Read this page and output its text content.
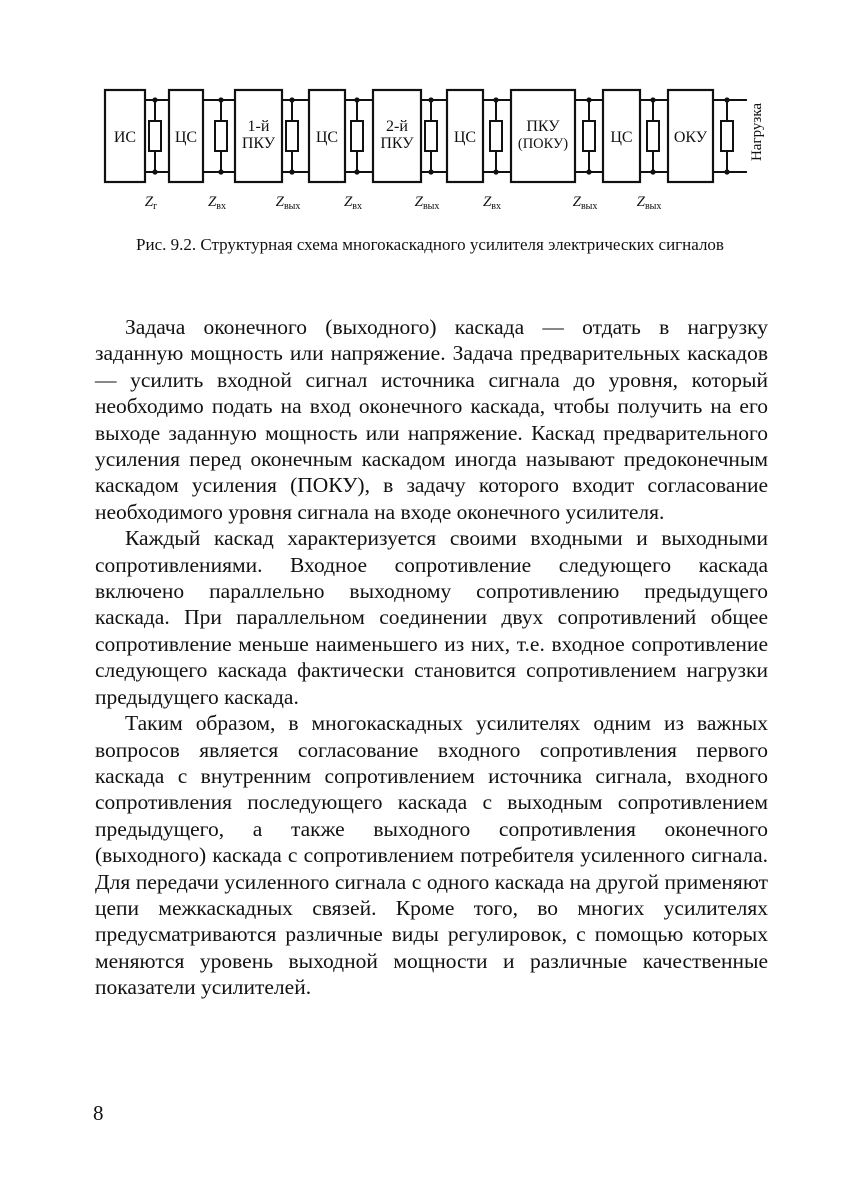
ИС ЦС
1-й
ПКУ	ЦС
2-й
ПКУ	ЦС
ПКУ
(ПОКУ)	ЦС	ОКУ
$Z_г$	$Z_{вх}$	$Z_{вых}$	$Z_{вх}$	$Z_{вых}$	$Z_{вх}$	$Z_{вых}$	$Z_{вых}$
Нагрузка
Рис. 9.2. Структурная схема многокаскадного усилителя электрических сигналов

Задача оконечного (выходного) каскада — отдать в нагрузку заданную мощность или напряжение. Задача предварительных каскадов — усилить входной сигнал источника сигнала до уровня, который необходимо подать на вход оконечного каскада, чтобы получить на его выходе заданную мощность или напряжение. Каскад предварительного усиления перед оконечным каскадом иногда называют предоконечным каскадом усиления (ПОКУ), в задачу которого входит согласование необходимого уровня сигнала на входе оконечного усилителя.

Каждый каскад характеризуется своими входными и выходными сопротивлениями. Входное сопротивление следующего каскада включено параллельно выходному сопротивлению предыдущего каскада. При параллельном соединении двух сопротивлений общее сопротивление меньше наименьшего из них, т.е. входное сопротивление следующего каскада фактически становится сопротивлением нагрузки предыдущего каскада.

Таким образом, в многокаскадных усилителях одним из важных вопросов является согласование входного сопротивления первого каскада с внутренним сопротивлением источника сигнала, входного сопротивления последующего каскада с выходным сопротивлением предыдущего, а также выходного сопротивления оконечного (выходного) каскада с сопротивлением потребителя усиленного сигнала. Для передачи усиленного сигнала с одного каскада на другой применяют цепи межкаскадных связей. Кроме того, во многих усилителях предусматриваются различные виды регулировок, с помощью которых меняются уровень выходной мощности и различные качественные показатели усилителей.

8
